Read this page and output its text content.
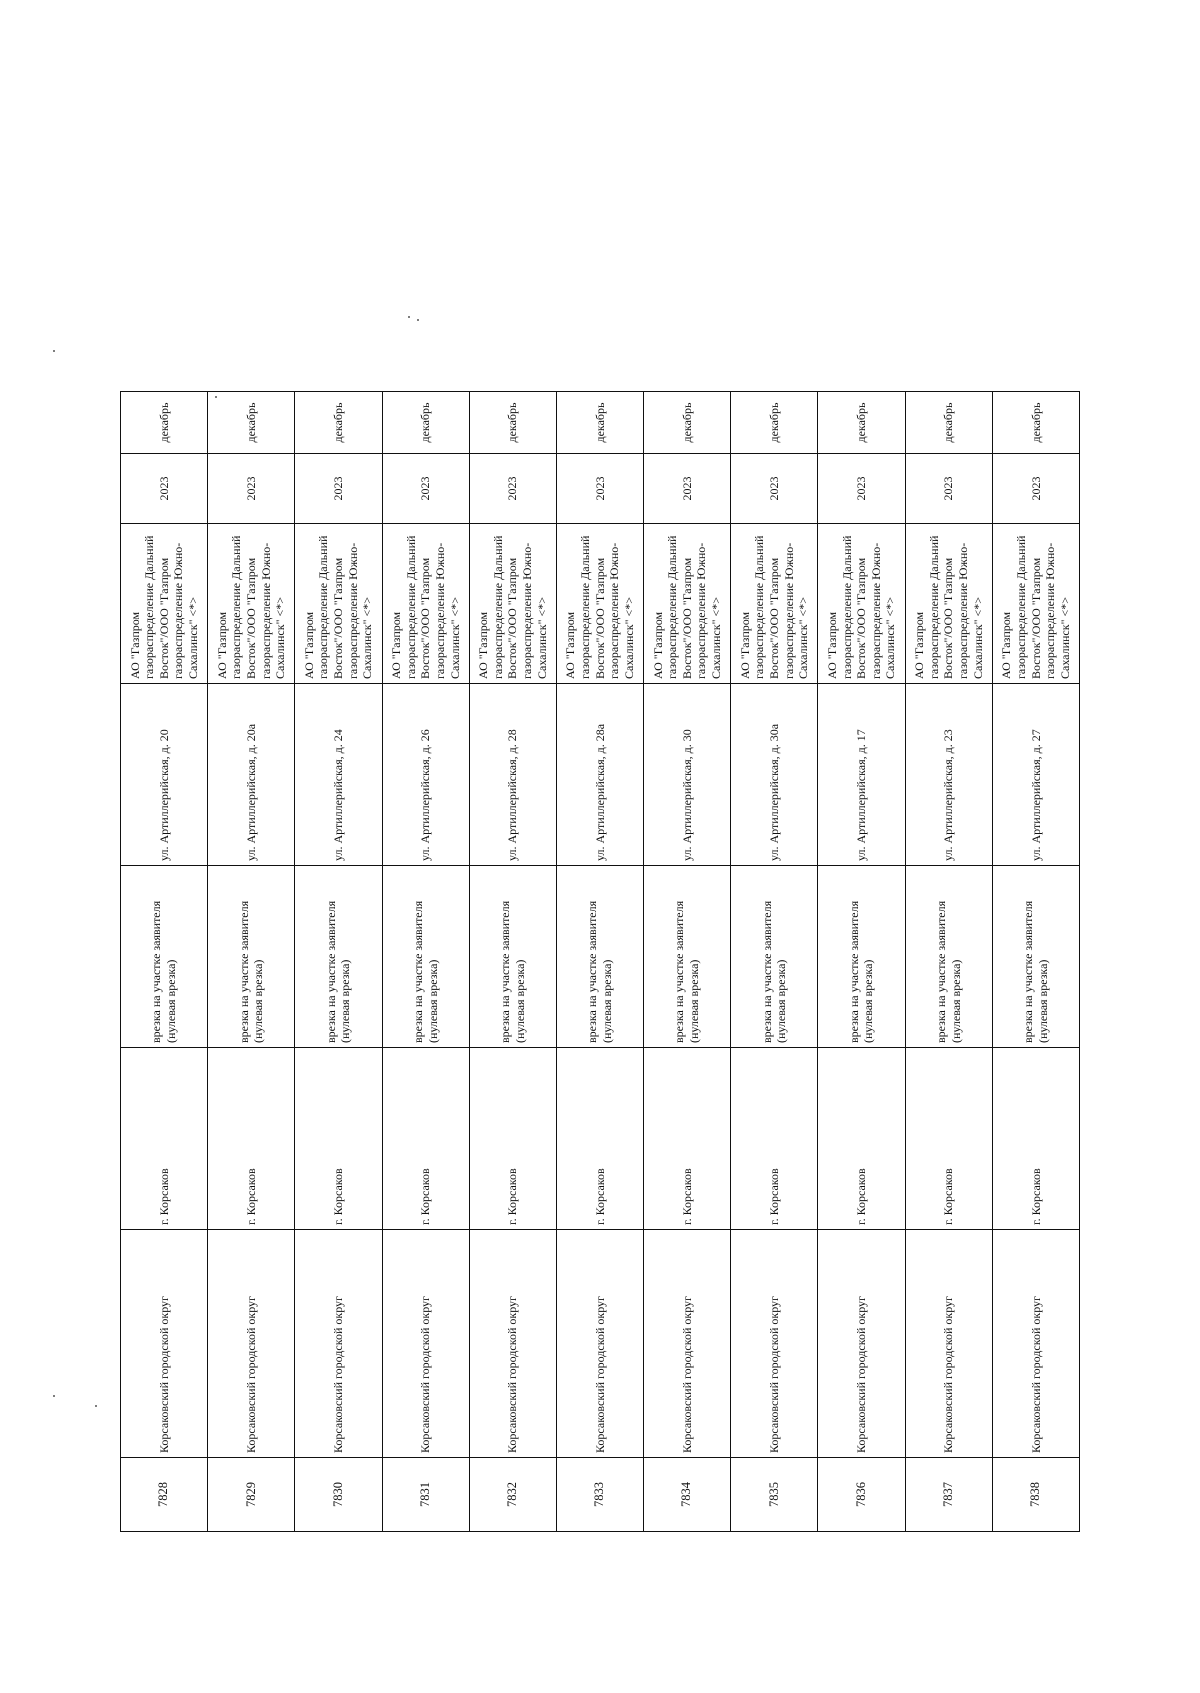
7828	Корсаковский городской округ	г. Корсаков	врезка на участке заявителя (нулевая врезка)	ул. Артиллерийская, д. 20	АО "Газпром газораспределение Дальний Восток"/ООО "Газпром газораспределение Южно-Сахалинск" <*>	2023	декабрь
7829	Корсаковский городской округ	г. Корсаков	врезка на участке заявителя (нулевая врезка)	ул. Артиллерийская, д. 20а	АО "Газпром газораспределение Дальний Восток"/ООО "Газпром газораспределение Южно-Сахалинск" <*>	2023	декабрь
7830	Корсаковский городской округ	г. Корсаков	врезка на участке заявителя (нулевая врезка)	ул. Артиллерийская, д. 24	АО "Газпром газораспределение Дальний Восток"/ООО "Газпром газораспределение Южно-Сахалинск" <*>	2023	декабрь
7831	Корсаковский городской округ	г. Корсаков	врезка на участке заявителя (нулевая врезка)	ул. Артиллерийская, д. 26	АО "Газпром газораспределение Дальний Восток"/ООО "Газпром газораспределение Южно-Сахалинск" <*>	2023	декабрь
7832	Корсаковский городской округ	г. Корсаков	врезка на участке заявителя (нулевая врезка)	ул. Артиллерийская, д. 28	АО "Газпром газораспределение Дальний Восток"/ООО "Газпром газораспределение Южно-Сахалинск" <*>	2023	декабрь
7833	Корсаковский городской округ	г. Корсаков	врезка на участке заявителя (нулевая врезка)	ул. Артиллерийская, д. 28а	АО "Газпром газораспределение Дальний Восток"/ООО "Газпром газораспределение Южно-Сахалинск" <*>	2023	декабрь
7834	Корсаковский городской округ	г. Корсаков	врезка на участке заявителя (нулевая врезка)	ул. Артиллерийская, д. 30	АО "Газпром газораспределение Дальний Восток"/ООО "Газпром газораспределение Южно-Сахалинск" <*>	2023	декабрь
7835	Корсаковский городской округ	г. Корсаков	врезка на участке заявителя (нулевая врезка)	ул. Артиллерийская, д. 30а	АО "Газпром газораспределение Дальний Восток"/ООО "Газпром газораспределение Южно-Сахалинск" <*>	2023	декабрь
7836	Корсаковский городской округ	г. Корсаков	врезка на участке заявителя (нулевая врезка)	ул. Артиллерийская, д. 17	АО "Газпром газораспределение Дальний Восток"/ООО "Газпром газораспределение Южно-Сахалинск" <*>	2023	декабрь
7837	Корсаковский городской округ	г. Корсаков	врезка на участке заявителя (нулевая врезка)	ул. Артиллерийская, д. 23	АО "Газпром газораспределение Дальний Восток"/ООО "Газпром газораспределение Южно-Сахалинск" <*>	2023	декабрь
7838	Корсаковский городской округ	г. Корсаков	врезка на участке заявителя (нулевая врезка)	ул. Артиллерийская, д. 27	АО "Газпром газораспределение Дальний Восток"/ООО "Газпром газораспределение Южно-Сахалинск" <*>	2023	декабрь
